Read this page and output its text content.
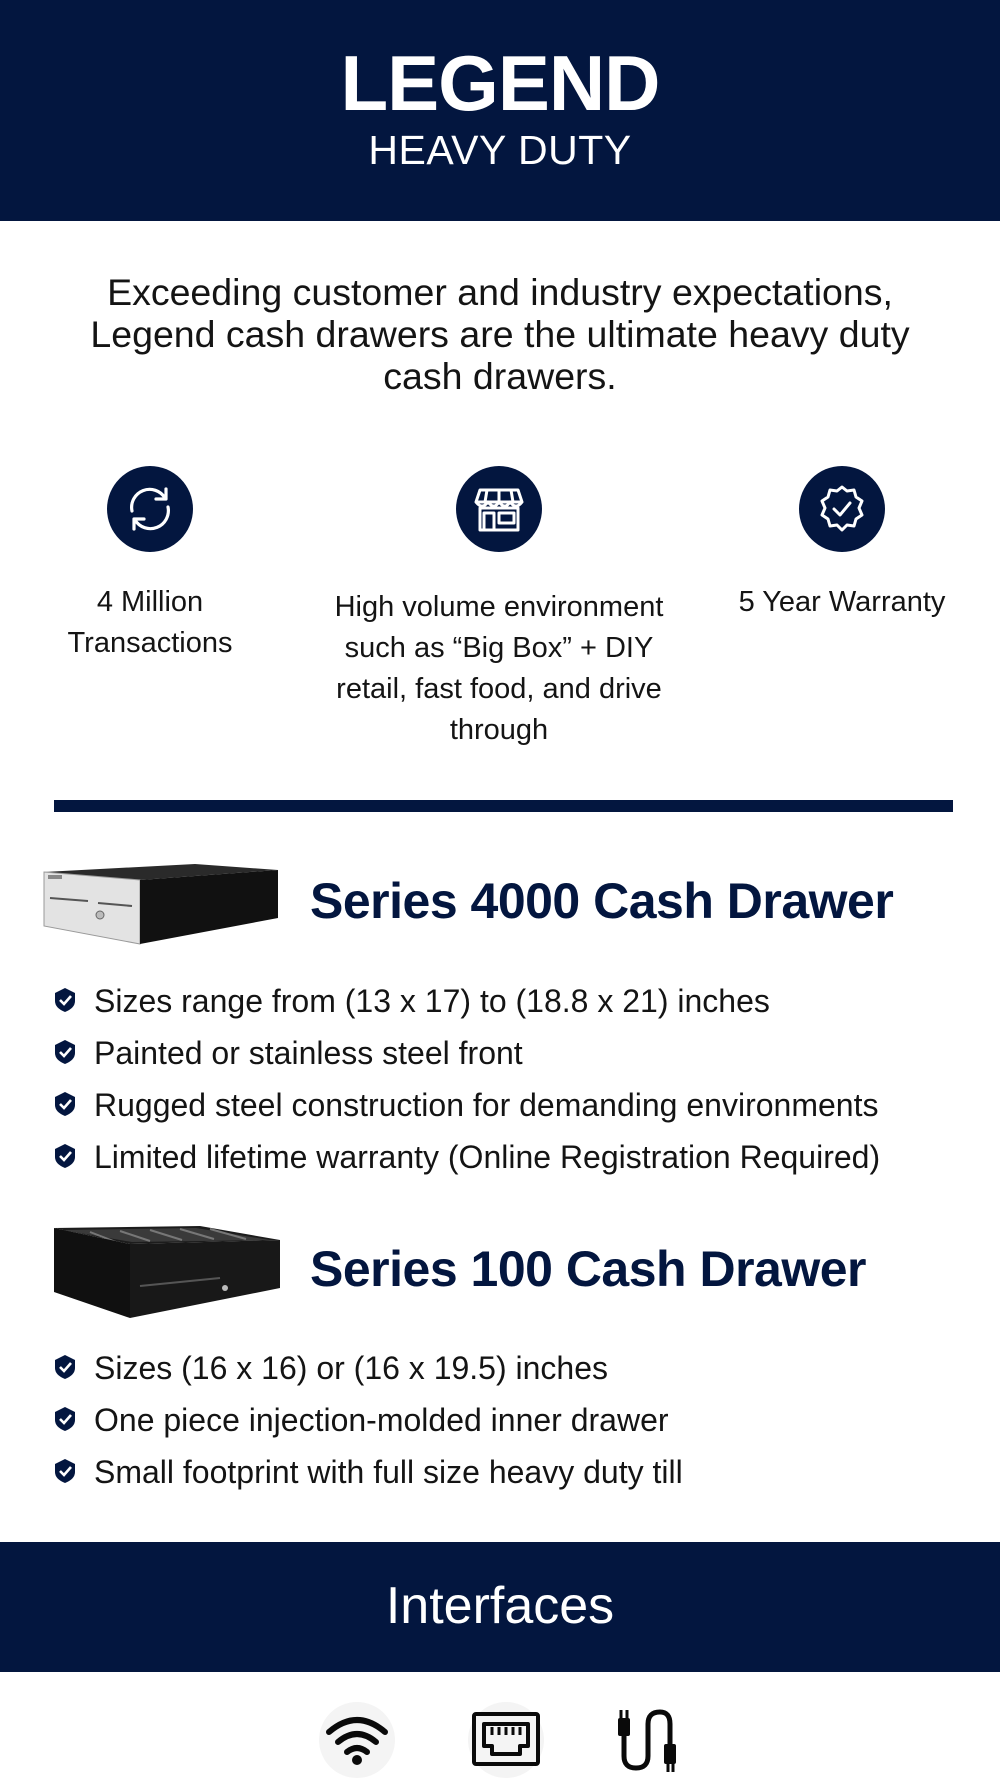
LEGEND
HEAVY DUTY
Exceeding customer and industry expectations, Legend cash drawers are the ultimate heavy duty cash drawers.
4 Million Transactions
High volume environment such as “Big Box” + DIY retail, fast food, and drive through
5 Year Warranty
Series 4000 Cash Drawer
Sizes range from (13 x 17) to (18.8 x 21) inches
Painted or stainless steel front
Rugged steel construction for demanding environments
Limited lifetime warranty (Online Registration Required)
Series 100 Cash Drawer
Sizes (16 x 16) or (16 x 19.5) inches
One piece injection-molded inner drawer
Small footprint with full size heavy duty till
Interfaces
